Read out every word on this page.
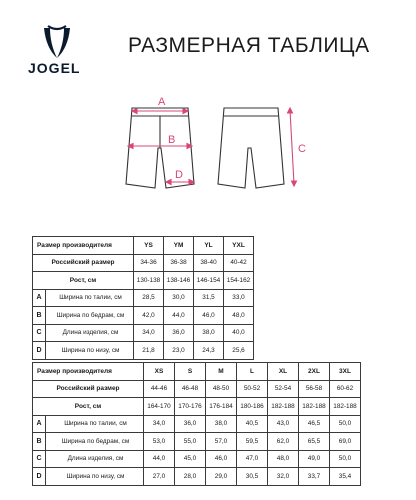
JOGEL
РАЗМЕРНАЯ ТАБЛИЦА
A
B
D
C
Размер производителя		YS	YM	YL	YXL
Российский размер		34-36	36-38	38-40	40-42
Рост, см		130-138	138-146	146-154	154-162
A	Ширина по талии, см	28,5	30,0	31,5	33,0
B	Ширина по бедрам, см	42,0	44,0	46,0	48,0
C	Длина изделия, см	34,0	36,0	38,0	40,0
D	Ширина по низу, см	21,8	23,0	24,3	25,6
Размер производителя		XS	S	M	L	XL	2XL	3XL
Российский размер		44-46	46-48	48-50	50-52	52-54	56-58	60-62
Рост, см		164-170	170-176	176-184	180-186	182-188	182-188	182-188
A	Ширина по талии, см	34,0	36,0	38,0	40,5	43,0	46,5	50,0
B	Ширина по бедрам, см	53,0	55,0	57,0	59,5	62,0	65,5	69,0
C	Длина изделия, см	44,0	45,0	46,0	47,0	48,0	49,0	50,0
D	Ширина по низу, см	27,0	28,0	29,0	30,5	32,0	33,7	35,4
